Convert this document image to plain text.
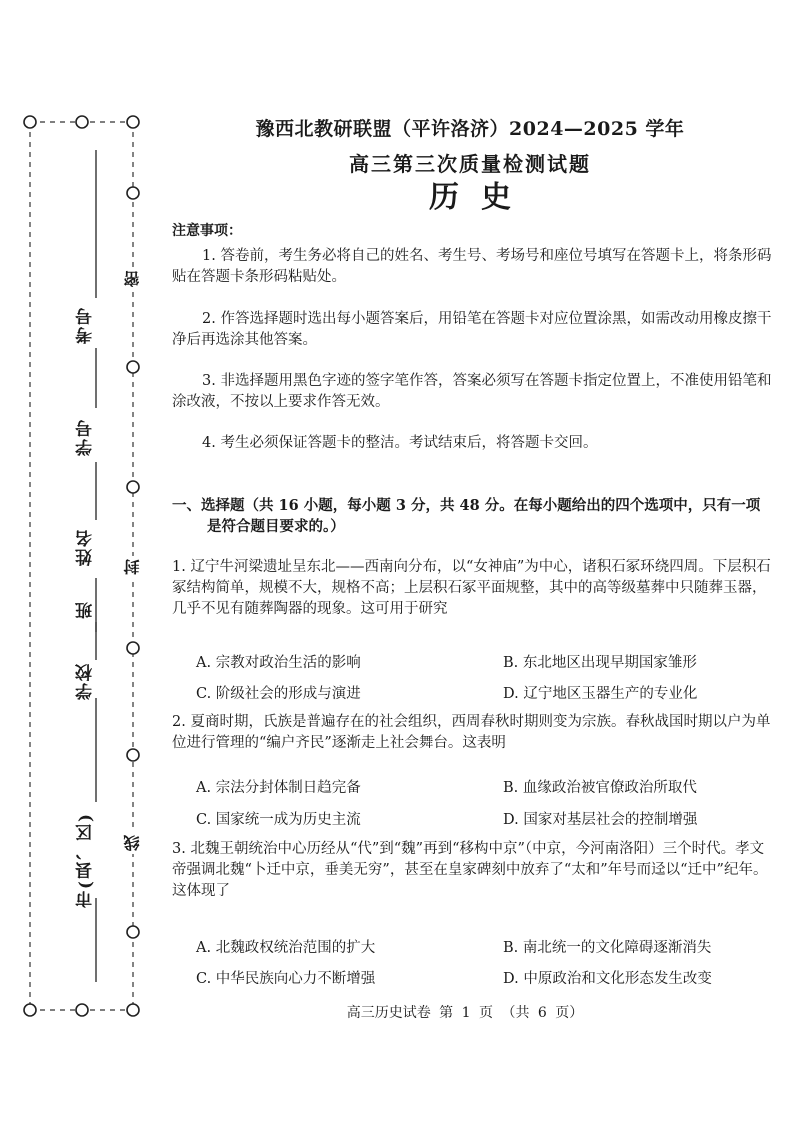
市(县、区)
学校
班
姓名
学号
考号
密
封
线
豫西北教研联盟（平许洛济）2024—2025 学年
高三第三次质量检测试题
历史
注意事项：
1. 答卷前，考生务必将自己的姓名、考生号、考场号和座位号填写在答题卡上，将条形码贴在答题卡条形码粘贴处。
2. 作答选择题时选出每小题答案后，用铅笔在答题卡对应位置涂黑，如需改动用橡皮擦干净后再选涂其他答案。
3. 非选择题用黑色字迹的签字笔作答，答案必须写在答题卡指定位置上，不准使用铅笔和涂改液，不按以上要求作答无效。
4. 考生必须保证答题卡的整洁。考试结束后，将答题卡交回。
一、选择题（共 16 小题，每小题 3 分，共 48 分。在每小题给出的四个选项中，只有一项
是符合题目要求的。）
1. 辽宁牛河梁遗址呈东北——西南向分布，以“女神庙”为中心，诸积石冢环绕四周。下层积石冢结构简单，规模不大，规格不高；上层积石冢平面规整，其中的高等级墓葬中只随葬玉器，几乎不见有随葬陶器的现象。这可用于研究
A. 宗教对政治生活的影响	B. 东北地区出现早期国家雏形
C. 阶级社会的形成与演进	D. 辽宁地区玉器生产的专业化
2. 夏商时期，氏族是普遍存在的社会组织，西周春秋时期则变为宗族。春秋战国时期以户为单位进行管理的“编户齐民”逐渐走上社会舞台。这表明
A. 宗法分封体制日趋完备	B. 血缘政治被官僚政治所取代
C. 国家统一成为历史主流	D. 国家对基层社会的控制增强
3. 北魏王朝统治中心历经从“代”到“魏”再到“移构中京”（中京，今河南洛阳）三个时代。孝文帝强调北魏“卜迁中京，垂美无穷”，甚至在皇家碑刻中放弃了“太和”年号而迳以“迁中”纪年。这体现了
A. 北魏政权统治范围的扩大	B. 南北统一的文化障碍逐渐消失
C. 中华民族向心力不断增强	D. 中原政治和文化形态发生改变
高三历史试卷 第 1 页 （共 6 页）
